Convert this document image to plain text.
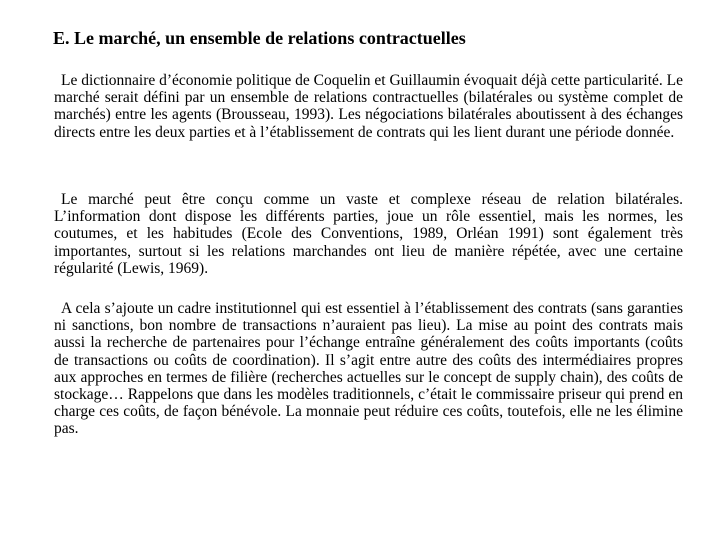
E. Le marché, un ensemble de relations contractuelles

Le dictionnaire d’économie politique de Coquelin et Guillaumin évoquait déjà cette particularité. Le marché serait défini par un ensemble de relations contractuelles (bilatérales ou système complet de marchés) entre les agents (Brousseau, 1993). Les négociations bilatérales aboutissent à des échanges directs entre les deux parties et à l’établissement de contrats qui les lient durant une période donnée.

Le marché peut être conçu comme un vaste et complexe réseau de relation bilatérales. L’information dont dispose les différents parties, joue un rôle essentiel, mais les normes, les coutumes, et les habitudes (Ecole des Conventions, 1989, Orléan 1991) sont également très importantes, surtout si les relations marchandes ont lieu de manière répétée, avec une certaine régularité (Lewis, 1969).

A cela s’ajoute un cadre institutionnel qui est essentiel à l’établissement des contrats (sans garanties ni sanctions, bon nombre de transactions n’auraient pas lieu). La mise au point des contrats mais aussi la recherche de partenaires pour l’échange entraîne généralement des coûts importants (coûts de transactions ou coûts de coordination). Il s’agit entre autre des coûts des intermédiaires propres aux approches en termes de filière (recherches actuelles sur le concept de supply chain), des coûts de stockage… Rappelons que dans les modèles traditionnels, c’était le commissaire priseur qui prend en charge ces coûts, de façon bénévole. La monnaie peut réduire ces coûts, toutefois, elle ne les élimine pas.
